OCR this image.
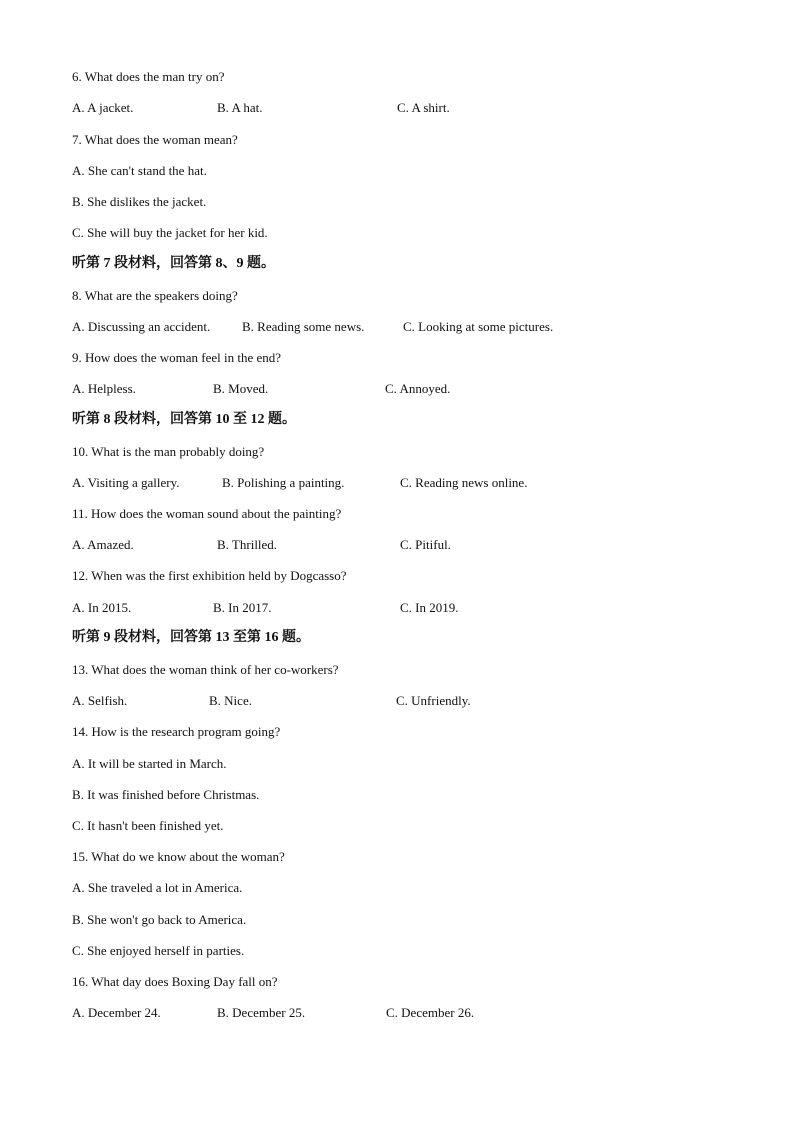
6. What does the man try on?
A. A jacket.	B. A hat.	C. A shirt.
7. What does the woman mean?
A. She can't stand the hat.
B. She dislikes the jacket.
C. She will buy the jacket for her kid.
听第 7 段材料，回答第 8、9 题。
8. What are the speakers doing?
A. Discussing an accident. B. Reading some news.	C. Looking at some pictures.
9. How does the woman feel in the end?
A. Helpless.	B. Moved.	C. Annoyed.
听第 8 段材料，回答第 10 至 12 题。
10. What is the man probably doing?
A. Visiting a gallery.	B. Polishing a painting.	C. Reading news online.
11. How does the woman sound about the painting?
A. Amazed.	B. Thrilled.	C. Pitiful.
12. When was the first exhibition held by Dogcasso?
A. In 2015.	B. In 2017.	C. In 2019.
听第 9 段材料，回答第 13 至第 16 题。
13. What does the woman think of her co-workers?
A. Selfish.	B. Nice.	C. Unfriendly.
14. How is the research program going?
A. It will be started in March.
B. It was finished before Christmas.
C. It hasn't been finished yet.
15. What do we know about the woman?
A. She traveled a lot in America.
B. She won't go back to America.
C. She enjoyed herself in parties.
16. What day does Boxing Day fall on?
A. December 24.	B. December 25.	C. December 26.
